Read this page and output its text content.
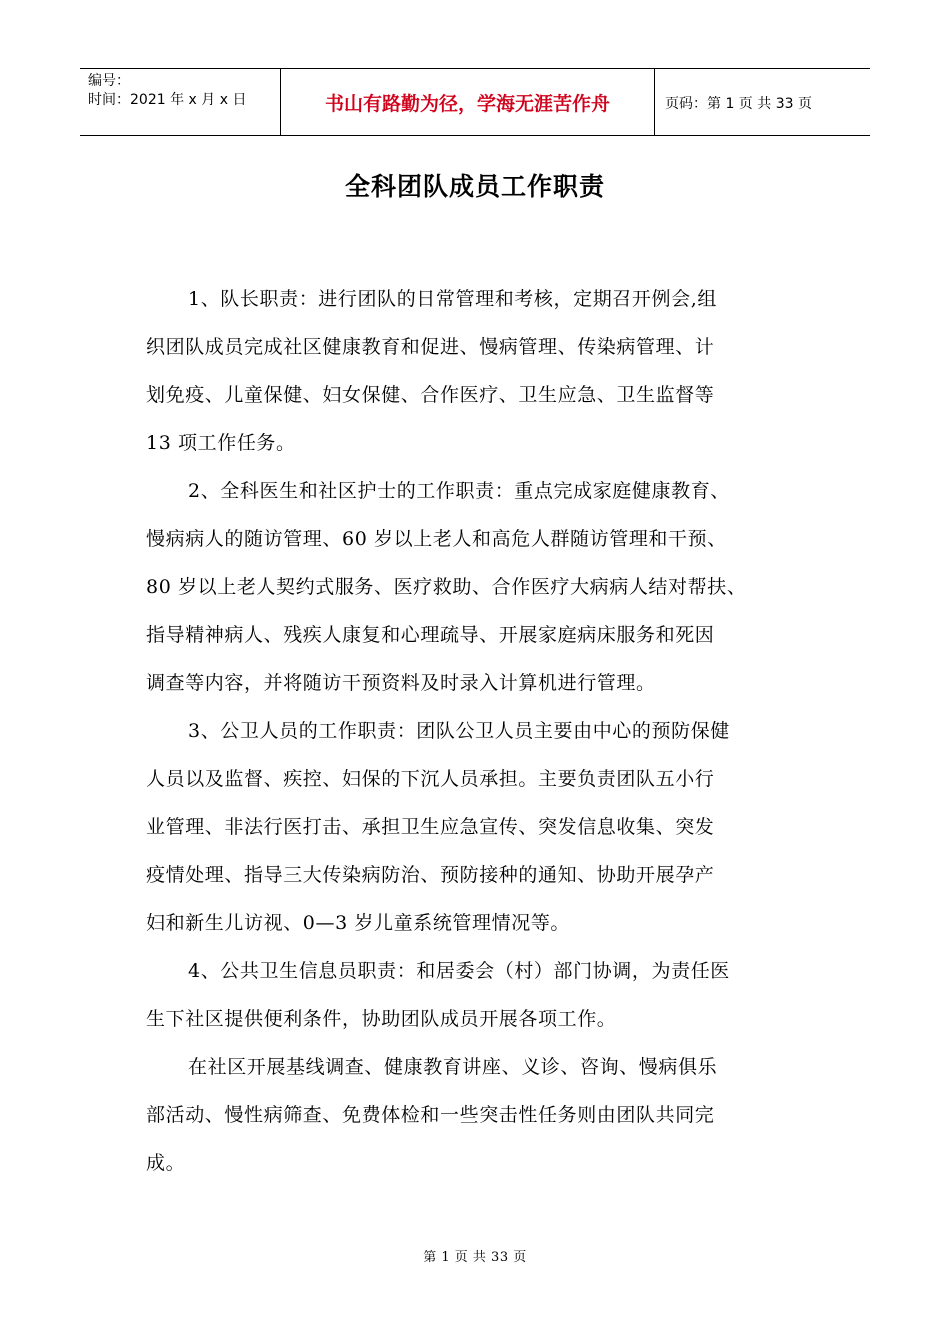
编号：
时间：2021 年 x 月 x 日	书山有路勤为径，学海无涯苦作舟	页码：第 1 页 共 33 页
全科团队成员工作职责

1、队长职责：进行团队的日常管理和考核，定期召开例会,组
织团队成员完成社区健康教育和促进、慢病管理、传染病管理、计
划免疫、儿童保健、妇女保健、合作医疗、卫生应急、卫生监督等
13 项工作任务。

2、全科医生和社区护士的工作职责：重点完成家庭健康教育、
慢病病人的随访管理、60 岁以上老人和高危人群随访管理和干预、
80 岁以上老人契约式服务、医疗救助、合作医疗大病病人结对帮扶、
指导精神病人、残疾人康复和心理疏导、开展家庭病床服务和死因
调查等内容，并将随访干预资料及时录入计算机进行管理。

3、公卫人员的工作职责：团队公卫人员主要由中心的预防保健
人员以及监督、疾控、妇保的下沉人员承担。主要负责团队五小行
业管理、非法行医打击、承担卫生应急宣传、突发信息收集、突发
疫情处理、指导三大传染病防治、预防接种的通知、协助开展孕产
妇和新生儿访视、0—3 岁儿童系统管理情况等。

4、公共卫生信息员职责：和居委会（村）部门协调，为责任医
生下社区提供便利条件，协助团队成员开展各项工作。

在社区开展基线调查、健康教育讲座、义诊、咨询、慢病俱乐
部活动、慢性病筛查、免费体检和一些突击性任务则由团队共同完
成。

第 1 页 共 33 页
